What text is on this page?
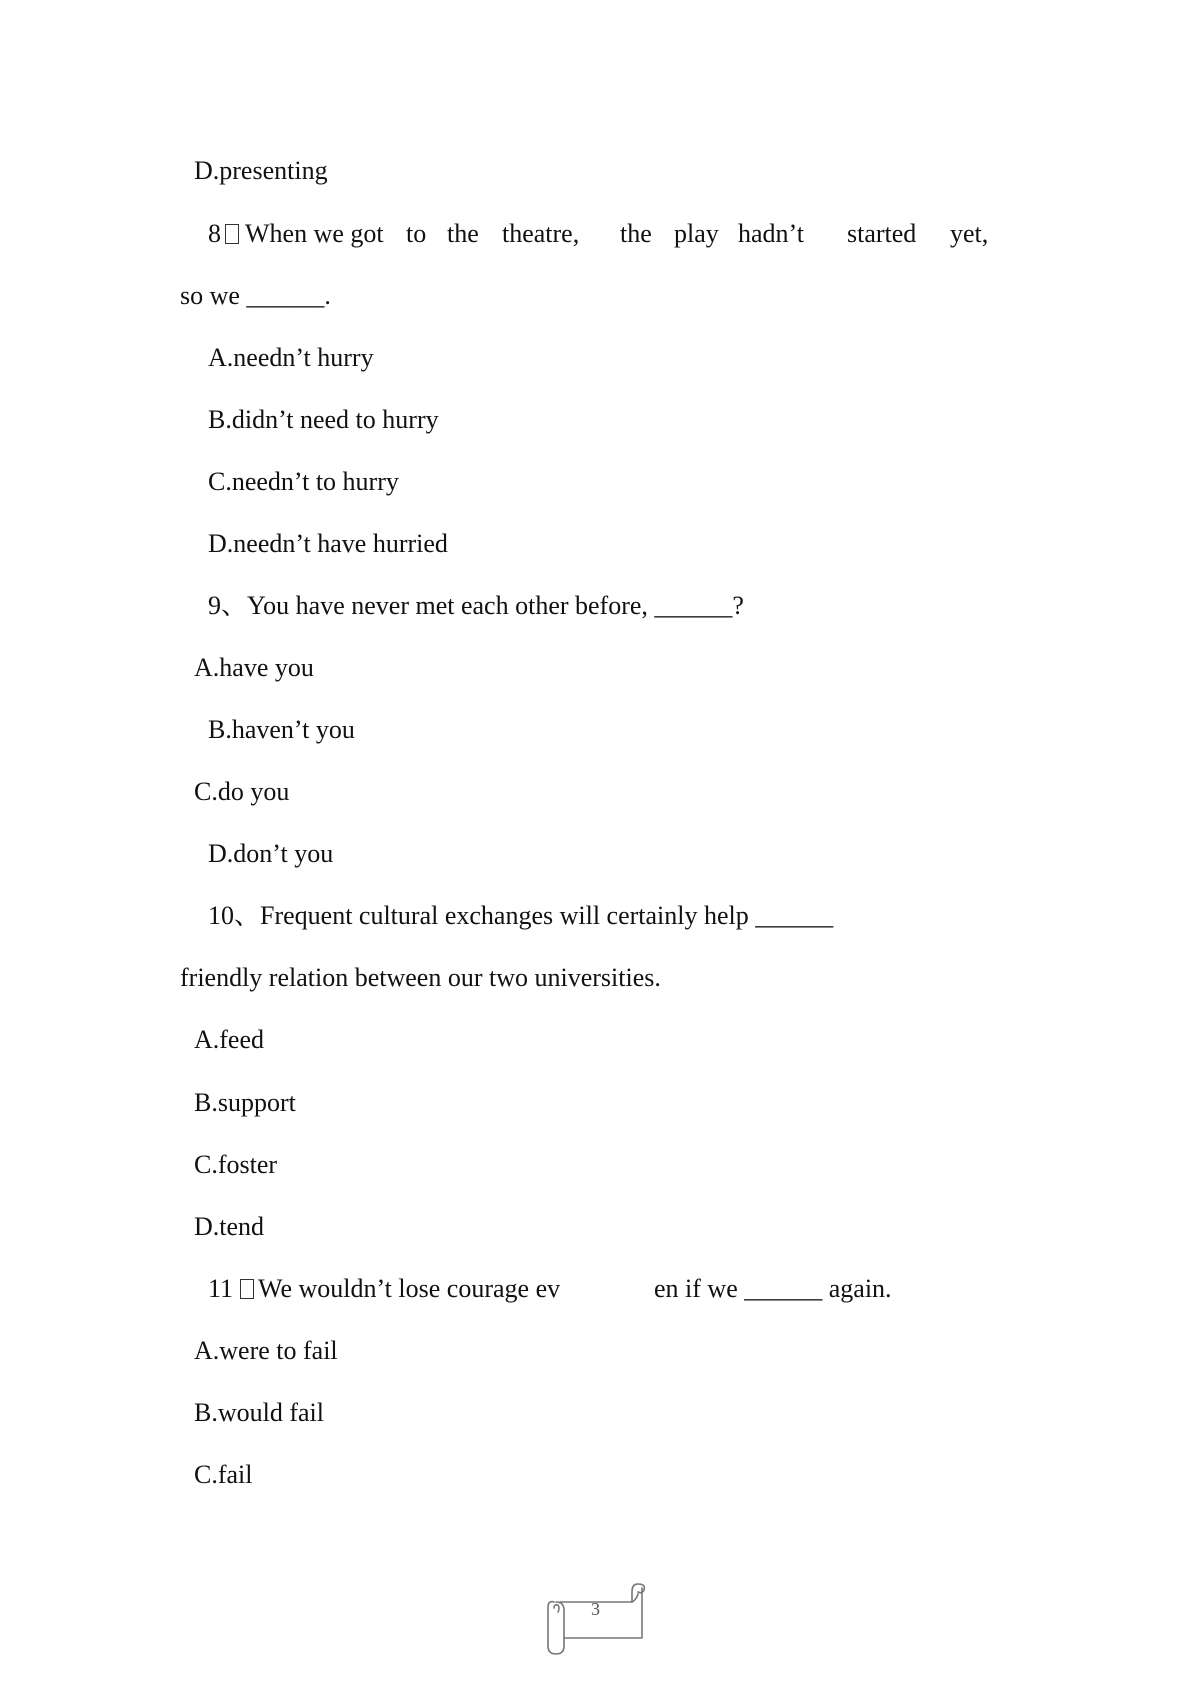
D.presenting

8 When we got to the theatre, the play hadn’t started yet,

so we ______.

A.needn’t hurry

B.didn’t need to hurry

C.needn’t to hurry

D.needn’t have hurried

9、You have never met each other before, ______?

A.have you

B.haven’t you

C.do you

D.don’t you

10、Frequent cultural exchanges will certainly help ______

friendly relation between our two universities.

A.feed

B.support

C.foster

D.tend

11 We wouldn’t lose courage ev	en if we ______ again.

A.were to fail

B.would fail

C.fail

3
